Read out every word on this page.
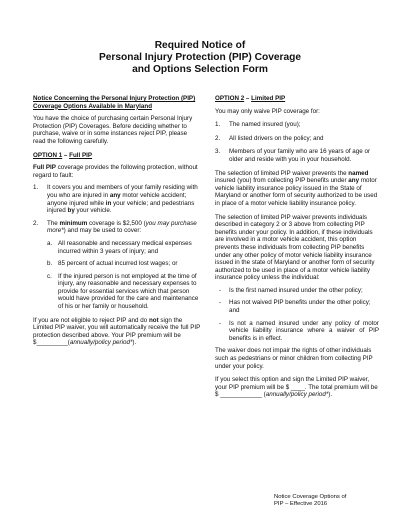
Required Notice of
Personal Injury Protection (PIP) Coverage
and Options Selection Form

Notice Concerning the Personal Injury Protection (PIP) Coverage Options Available in Maryland

You have the choice of purchasing certain Personal Injury Protection (PIP) Coverages. Before deciding whether to purchase, waive or in some instances reject PIP, please read the following carefully.

OPTION 1 – Full PIP

Full PIP coverage provides the following protection, without regard to fault:

1.	It covers you and members of your family residing with you who are injured in any motor vehicle accident; anyone injured while in your vehicle; and pedestrians injured by your vehicle.
2.	The minimum coverage is $2,500 (you may purchase more*) and may be used to cover:
a. All reasonable and necessary medical expenses incurred within 3 years of injury; and
b. 85 percent of actual incurred lost wages; or
c. If the injured person is not employed at the time of injury, any reasonable and necessary expenses to provide for essential services which that person would have provided for the care and maintenance of his or her family or household.

If you are not eligible to reject PIP and do not sign the Limited PIP waiver, you will automatically receive the full PIP protection described above. Your PIP premium will be $_________(annually/policy period*).

OPTION 2 – Limited PIP

You may only waive PIP coverage for:

1.	The named insured (you);
2.	All listed drivers on the policy; and
3.	Members of your family who are 16 years of age or older and reside with you in your household.

The selection of limited PIP waiver prevents the named insured (you) from collecting PIP benefits under any motor vehicle liability insurance policy issued in the State of Maryland or another form of security authorized to be used in place of a motor vehicle liability insurance policy.

The selection of limited PIP waiver prevents individuals described in category 2 or 3 above from collecting PIP benefits under your policy. In addition, if these individuals are involved in a motor vehicle accident, this option prevents these individuals from collecting PIP benefits under any other policy of motor vehicle liability insurance issued in the state of Maryland or another form of security authorized to be used in place of a motor vehicle liability insurance policy unless the individual:

-	Is the first named insured under the other policy;
-	Has not waived PIP benefits under the other policy; and
-	Is not a named insured under any policy of motor vehicle liability insurance where a waiver of PIP benefits is in effect.

The waiver does not impair the rights of other individuals such as pedestrians or minor children from collecting PIP under your policy.

If you select this option and sign the Limited PIP waiver, your PIP premium will be $ ____. The total premium will be $ ____________ (annually/policy period*).

Notice Coverage Options of
PIP – Effective 2016
